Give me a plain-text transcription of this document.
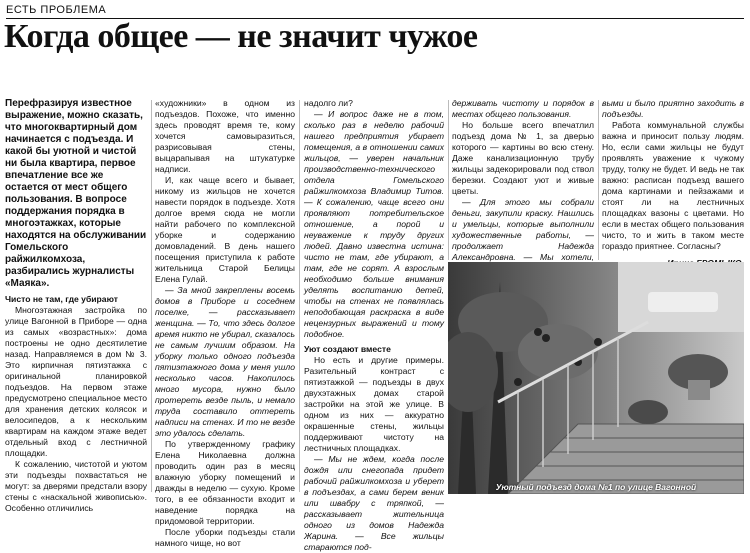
ЕСТЬ ПРОБЛЕМА
Когда общее — не значит чужое

Перефразируя известное выражение, можно сказать, что многоквартирный дом начинается с подъезда. И какой бы уютной и чистой ни была квартира, первое впечатление все же остается от мест общего пользования. В вопросе поддержания порядка в многоэтажках, которые находятся на обслуживании Гомельского райжилкомхоза, разбирались журналисты «Маяка».

Чисто не там, где убирают

Многоэтажная застройка по улице Вагонной в Приборе — одна из самых «возрастных»: дома построены не одно десятилетие назад. Направляемся в дом № 3. Это кирпичная пятиэтажка с оригинальной планировкой подъездов. На первом этаже предусмотрено специальное место для хранения детских колясок и велосипедов, а к нескольким квартирам на каждом этаже ведет отдельный вход с лестничной площадки.

К сожалению, чистотой и уютом эти подъезды похвастаться не могут: за дверями предстали взору стены с «наскальной живописью». Особенно отличились

«художники» в одном из подъездов. Похоже, что именно здесь проводят время те, кому хочется самовыразиться, разрисовывая стены, выцарапывая на штукатурке надписи.

И, как чаще всего и бывает, никому из жильцов не хочется навести порядок в подъезде. Хотя долгое время сюда не могли найти рабочего по комплексной уборке и содержанию домовладений. В день нашего посещения приступила к работе жительница Старой Белицы Елена Гулай.

— За мной закреплены восемь домов в Приборе и соседнем поселке, — рассказывает женщина. — То, что здесь долгое время никто не убирал, сказалось не самым лучшим образом. На уборку только одного подъезда пятиэтажного дома у меня ушло несколько часов. Накопилось много мусора, нужно было протереть везде пыль, и немало труда составило оттереть надписи на стенах. И то не везде это удалось сделать.

По утвержденному графику Елена Николаевна должна проводить один раз в месяц влажную уборку помещений и дважды в неделю — сухую. Кроме того, в ее обязанности входит и наведение порядка на придомовой территории.

После уборки подъезды стали намного чище, но вот

надолго ли?

— И вопрос даже не в том, сколько раз в неделю рабочий нашего предприятия убирает помещения, а в отношении самих жильцов, — уверен начальник производственно-технического отдела Гомельского райжилкомхоза Владимир Титов. — К сожалению, чаще всего они проявляют потребительское отношение, а порой и неуважение к труду других людей. Давно известна истина: чисто не там, где убирают, а там, где не сорят. А взрослым необходимо больше внимания уделять воспитанию детей, чтобы на стенах не появлялась неподобающая раскраска в виде нецензурных выражений и тому подобное.

Уют создают вместе

Но есть и другие примеры. Разительный контраст с пятиэтажкой — подъезды в двух двухэтажных домах старой застройки на этой же улице. В одном из них — аккуратно окрашенные стены, жильцы поддерживают чистоту на лестничных площадках.

— Мы не ждем, когда после дождя или снегопада придет рабочий райжилкомхоза и уберет в подъездах, а сами берем веник или швабру с тряпкой, — рассказывает жительница одного из домов Надежда Жарина. — Все жильцы стараются под-

держивать чистоту и порядок в местах общего пользования.

Но больше всего впечатлил подъезд дома № 1, за дверью которого — картины во всю стену. Даже канализационную трубу жильцы задекорировали под ствол березки. Создают уют и живые цветы.

— Для этого мы собрали деньги, закупили краску. Нашлись и умельцы, которые выполнили художественные работы, — продолжает Надежда Александровна. — Мы хотели,

выми и было приятно заходить в подъезды.

Работа коммунальной службы важна и приносит пользу людям. Но, если сами жильцы не будут проявлять уважение к чужому труду, толку не будет. И ведь не так важно: расписан подъезд вашего дома картинами и пейзажами и стоят ли на лестничных площадках вазоны с цветами. Но если в местах общего пользования чисто, то и жить в таком месте гораздо приятнее. Согласны?

Уютный подъезд дома №1 по улице Вагонной
